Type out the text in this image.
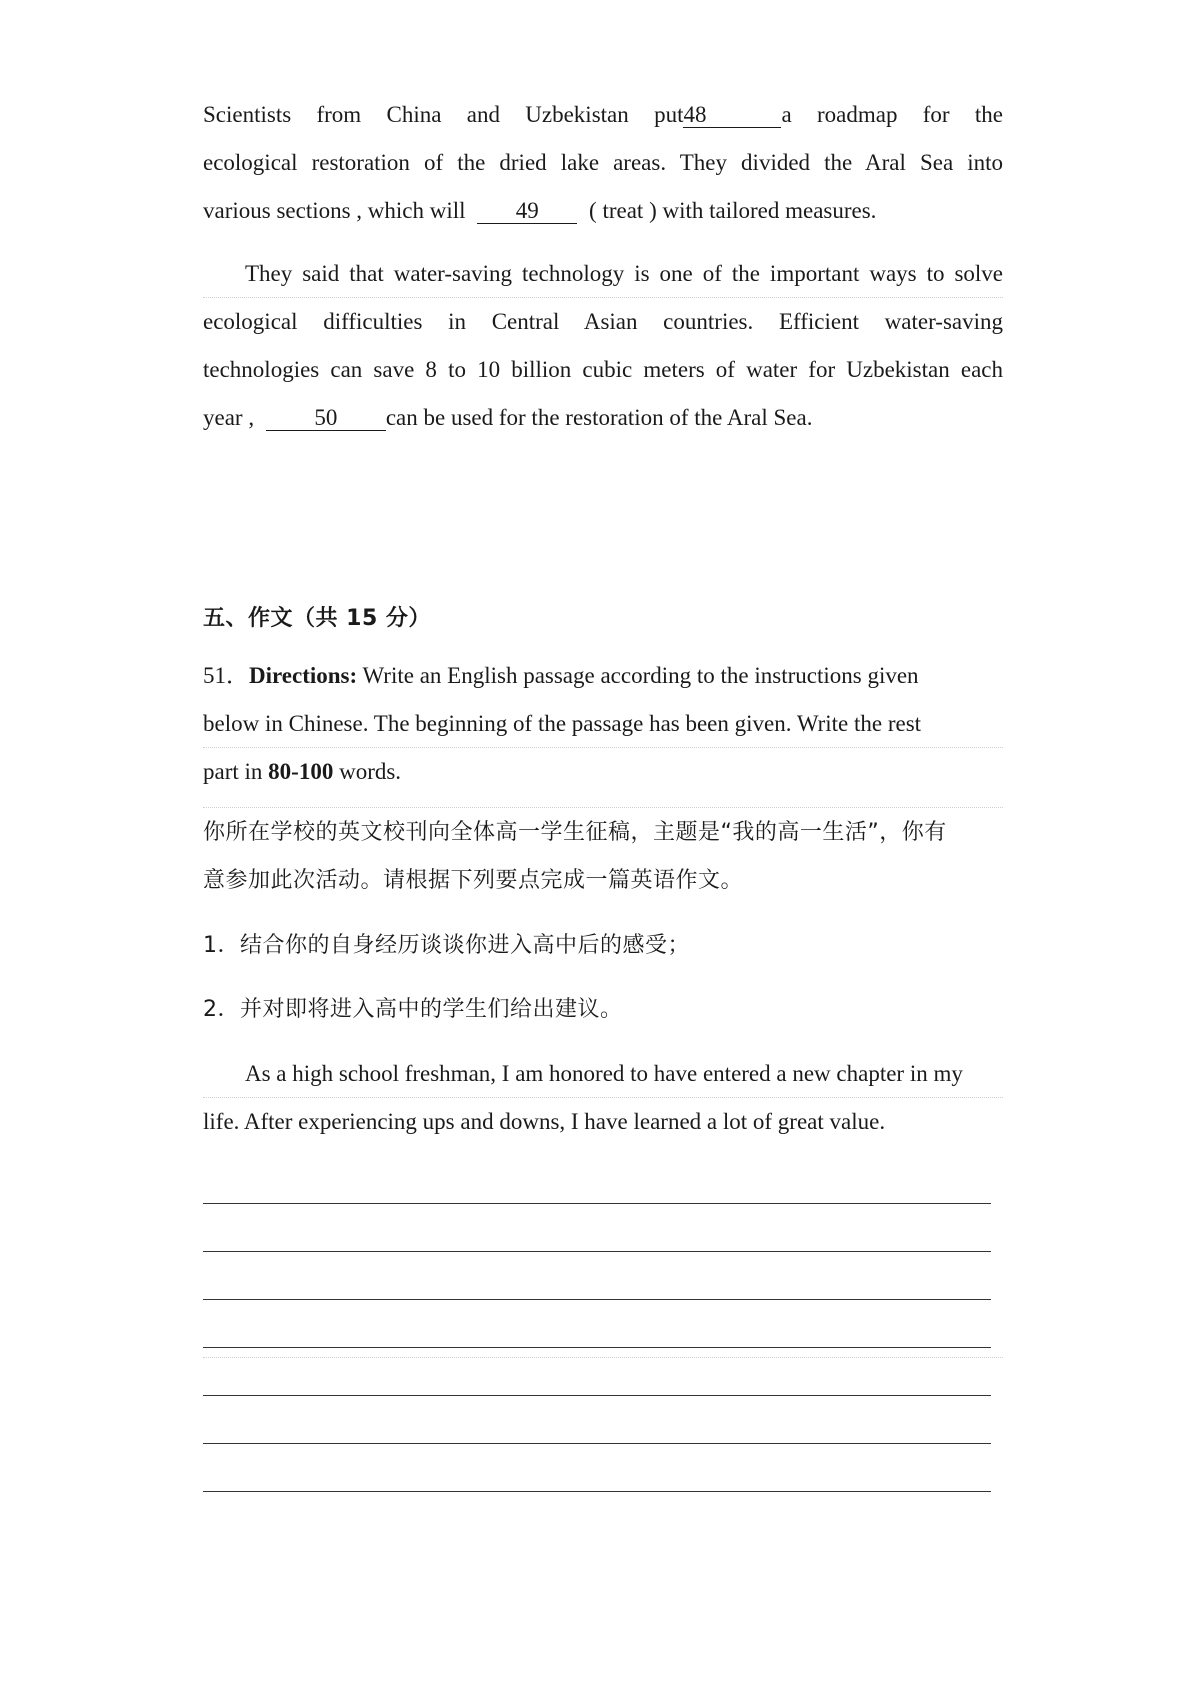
Scientists from China and Uzbekistan put48	a roadmap for the
ecological restoration of the dried lake areas. They divided the Aral Sea into
various sections , which will 49 ( treat ) with tailored measures.
They said that water-saving technology is one of the important ways to solve
ecological difficulties in Central Asian countries. Efficient water-saving
technologies can save 8 to 10 billion cubic meters of water for Uzbekistan each
year ,	50 can be used for the restoration of the Aral Sea.
五、作文（共 15 分）
51．Directions: Write an English passage according to the instructions given
below in Chinese. The beginning of the passage has been given. Write the rest
part in 80-100 words.
你所在学校的英文校刊向全体高一学生征稿，主题是“我的高一生活”，你有
意参加此次活动。请根据下列要点完成一篇英语作文。
1．结合你的自身经历谈谈你进入高中后的感受；
2．并对即将进入高中的学生们给出建议。
As a high school freshman, I am honored to have entered a new chapter in my
life. After experiencing ups and downs, I have learned a lot of great value.
